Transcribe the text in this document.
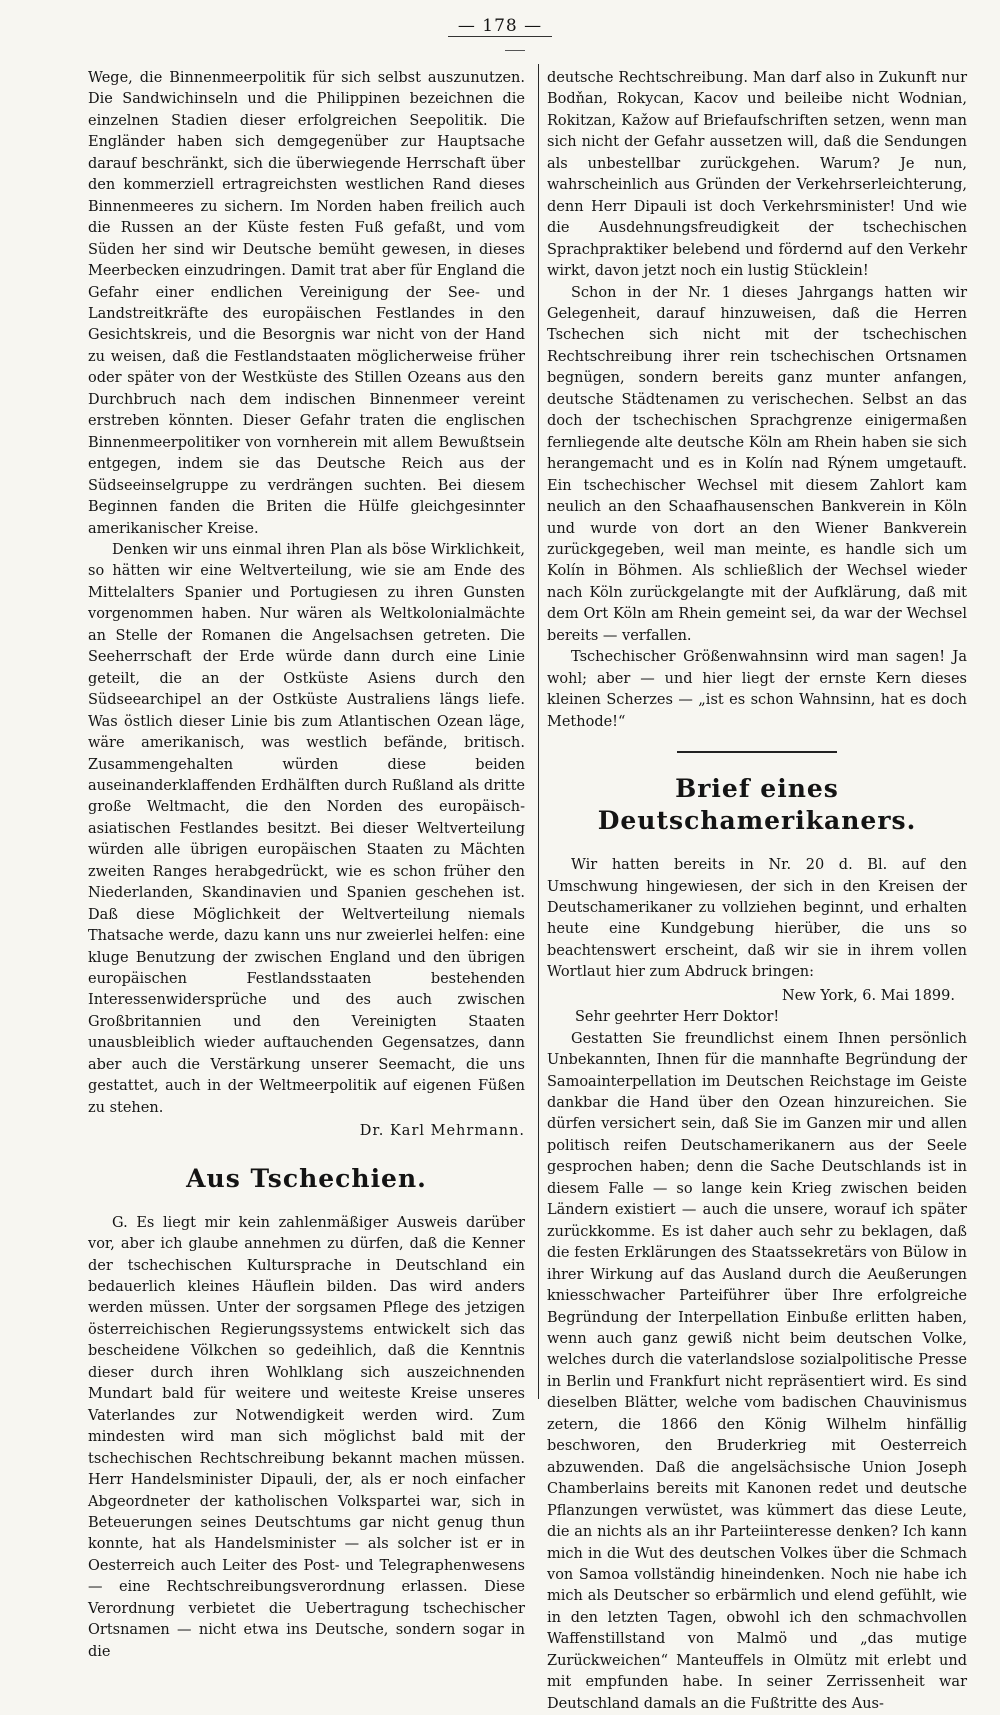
— 178 —

Wege, die Binnenmeerpolitik für sich selbst auszunutzen. Die Sandwichinseln und die Philippinen bezeichnen die einzelnen Stadien dieser erfolgreichen Seepolitik. Die Engländer haben sich demgegenüber zur Hauptsache darauf beschränkt, sich die überwiegende Herrschaft über den kommerziell ertragreichsten westlichen Rand dieses Binnenmeeres zu sichern. Im Norden haben freilich auch die Russen an der Küste festen Fuß gefaßt, und vom Süden her sind wir Deutsche bemüht gewesen, in dieses Meerbecken einzudringen. Damit trat aber für England die Gefahr einer endlichen Vereinigung der See- und Landstreitkräfte des europäischen Festlandes in den Gesichtskreis, und die Besorgnis war nicht von der Hand zu weisen, daß die Festlandstaaten möglicherweise früher oder später von der Westküste des Stillen Ozeans aus den Durchbruch nach dem indischen Binnenmeer vereint erstreben könnten. Dieser Gefahr traten die englischen Binnenmeerpolitiker von vornherein mit allem Bewußtsein entgegen, indem sie das Deutsche Reich aus der Südseeinselgruppe zu verdrängen suchten. Bei diesem Beginnen fanden die Briten die Hülfe gleichgesinnter amerikanischer Kreise.

Denken wir uns einmal ihren Plan als böse Wirklichkeit, so hätten wir eine Weltverteilung, wie sie am Ende des Mittelalters Spanier und Portugiesen zu ihren Gunsten vorgenommen haben. Nur wären als Weltkolonialmächte an Stelle der Romanen die Angelsachsen getreten. Die Seeherrschaft der Erde würde dann durch eine Linie geteilt, die an der Ostküste Asiens durch den Südseearchipel an der Ostküste Australiens längs liefe. Was östlich dieser Linie bis zum Atlantischen Ozean läge, wäre amerikanisch, was westlich befände, britisch. Zusammengehalten würden diese beiden auseinanderklaffenden Erdhälften durch Rußland als dritte große Weltmacht, die den Norden des europäisch-asiatischen Festlandes besitzt. Bei dieser Weltverteilung würden alle übrigen europäischen Staaten zu Mächten zweiten Ranges herabgedrückt, wie es schon früher den Niederlanden, Skandinavien und Spanien geschehen ist. Daß diese Möglichkeit der Weltverteilung niemals Thatsache werde, dazu kann uns nur zweierlei helfen: eine kluge Benutzung der zwischen England und den übrigen europäischen Festlandsstaaten bestehenden Interessenwidersprüche und des auch zwischen Großbritannien und den Vereinigten Staaten unausbleiblich wieder auftauchenden Gegensatzes, dann aber auch die Verstärkung unserer Seemacht, die uns gestattet, auch in der Weltmeerpolitik auf eigenen Füßen zu stehen.

Dr. Karl Mehrmann.

Aus Tschechien.

G. Es liegt mir kein zahlenmäßiger Ausweis darüber vor, aber ich glaube annehmen zu dürfen, daß die Kenner der tschechischen Kultursprache in Deutschland ein bedauerlich kleines Häuflein bilden. Das wird anders werden müssen. Unter der sorgsamen Pflege des jetzigen österreichischen Regierungssystems entwickelt sich das bescheidene Völkchen so gedeihlich, daß die Kenntnis dieser durch ihren Wohlklang sich auszeichnenden Mundart bald für weitere und weiteste Kreise unseres Vaterlandes zur Notwendigkeit werden wird. Zum mindesten wird man sich möglichst bald mit der tschechischen Rechtschreibung bekannt machen müssen. Herr Handelsminister Dipauli, der, als er noch einfacher Abgeordneter der katholischen Volkspartei war, sich in Beteuerungen seines Deutschtums gar nicht genug thun konnte, hat als Handelsminister — als solcher ist er in Oesterreich auch Leiter des Post- und Telegraphenwesens — eine Rechtschreibungsverordnung erlassen. Diese Verordnung verbietet die Uebertragung tschechischer Ortsnamen — nicht etwa ins Deutsche, sondern sogar in die

deutsche Rechtschreibung. Man darf also in Zukunft nur Bodňan, Rokycan, Kacov und beileibe nicht Wodnian, Rokitzan, Kažow auf Briefaufschriften setzen, wenn man sich nicht der Gefahr aussetzen will, daß die Sendungen als unbestellbar zurückgehen. Warum? Je nun, wahrscheinlich aus Gründen der Verkehrserleichterung, denn Herr Dipauli ist doch Verkehrsminister! Und wie die Ausdehnungsfreudigkeit der tschechischen Sprachpraktiker belebend und fördernd auf den Verkehr wirkt, davon jetzt noch ein lustig Stücklein!

Schon in der Nr. 1 dieses Jahrgangs hatten wir Gelegenheit, darauf hinzuweisen, daß die Herren Tschechen sich nicht mit der tschechischen Rechtschreibung ihrer rein tschechischen Ortsnamen begnügen, sondern bereits ganz munter anfangen, deutsche Städtenamen zu verischechen. Selbst an das doch der tschechischen Sprachgrenze einigermaßen fernliegende alte deutsche Köln am Rhein haben sie sich herangemacht und es in Kolín nad Rýnem umgetauft. Ein tschechischer Wechsel mit diesem Zahlort kam neulich an den Schaafhausenschen Bankverein in Köln und wurde von dort an den Wiener Bankverein zurückgegeben, weil man meinte, es handle sich um Kolín in Böhmen. Als schließlich der Wechsel wieder nach Köln zurückgelangte mit der Aufklärung, daß mit dem Ort Köln am Rhein gemeint sei, da war der Wechsel bereits — verfallen.

Tschechischer Größenwahnsinn wird man sagen! Ja wohl; aber — und hier liegt der ernste Kern dieses kleinen Scherzes — „ist es schon Wahnsinn, hat es doch Methode!“

Brief eines Deutschamerikaners.

Wir hatten bereits in Nr. 20 d. Bl. auf den Umschwung hingewiesen, der sich in den Kreisen der Deutschamerikaner zu vollziehen beginnt, und erhalten heute eine Kundgebung hierüber, die uns so beachtenswert erscheint, daß wir sie in ihrem vollen Wortlaut hier zum Abdruck bringen:

New York, 6. Mai 1899.

Sehr geehrter Herr Doktor!

Gestatten Sie freundlichst einem Ihnen persönlich Unbekannten, Ihnen für die mannhafte Begründung der Samoainterpellation im Deutschen Reichstage im Geiste dankbar die Hand über den Ozean hinzureichen. Sie dürfen versichert sein, daß Sie im Ganzen mir und allen politisch reifen Deutschamerikanern aus der Seele gesprochen haben; denn die Sache Deutschlands ist in diesem Falle — so lange kein Krieg zwischen beiden Ländern existiert — auch die unsere, worauf ich später zurückkomme. Es ist daher auch sehr zu beklagen, daß die festen Erklärungen des Staatssekretärs von Bülow in ihrer Wirkung auf das Ausland durch die Aeußerungen kniesschwacher Parteiführer über Ihre erfolgreiche Begründung der Interpellation Einbuße erlitten haben, wenn auch ganz gewiß nicht beim deutschen Volke, welches durch die vaterlandslose sozialpolitische Presse in Berlin und Frankfurt nicht repräsentiert wird. Es sind dieselben Blätter, welche vom badischen Chauvinismus zetern, die 1866 den König Wilhelm hinfällig beschworen, den Bruderkrieg mit Oesterreich abzuwenden. Daß die angelsächsische Union Joseph Chamberlains bereits mit Kanonen redet und deutsche Pflanzungen verwüstet, was kümmert das diese Leute, die an nichts als an ihr Parteiinteresse denken? Ich kann mich in die Wut des deutschen Volkes über die Schmach von Samoa vollständig hineindenken. Noch nie habe ich mich als Deutscher so erbärmlich und elend gefühlt, wie in den letzten Tagen, obwohl ich den schmachvollen Waffenstillstand von Malmö und „das mutige Zurückweichen“ Manteuffels in Olmütz mit erlebt und mit empfunden habe. In seiner Zerrissenheit war Deutschland damals an die Fußtritte des Aus-
